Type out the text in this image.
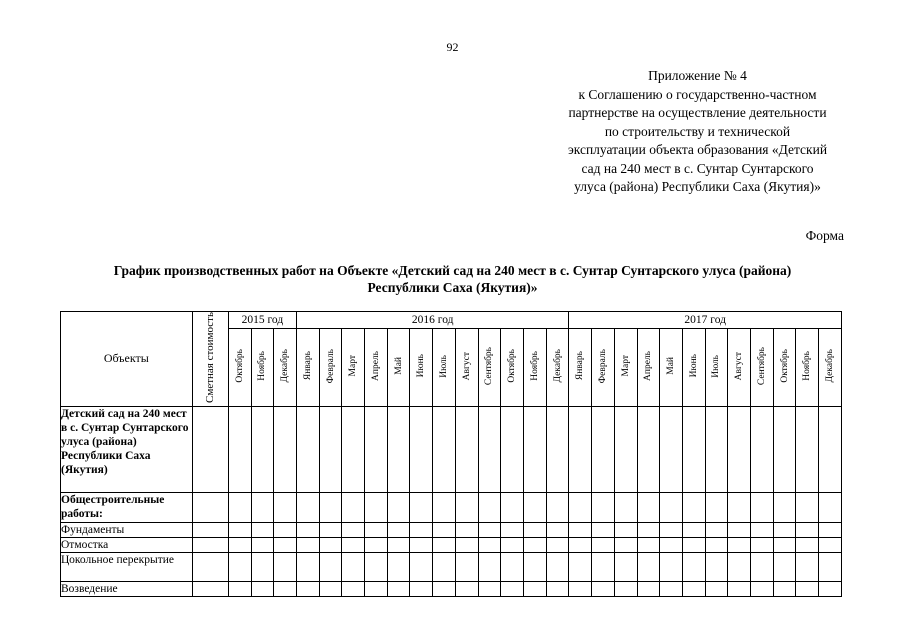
92
Приложение № 4
к Соглашению о государственно-частном
партнерстве на осуществление деятельности
по строительству и технической
эксплуатации объекта образования «Детский
сад на 240 мест в с. Сунтар Сунтарского
улуса (района) Республики Саха (Якутия)»
Форма
График производственных работ на Объекте «Детский сад на 240 мест в с. Сунтар Сунтарского улуса (района)
Республики Саха (Якутия)»
Объекты	Сметная стоимость	2015 год			2016 год												2017 год											
		Октябрь	Ноябрь	Декабрь	Январь	Февраль	Март	Апрель	Май	Июнь	Июль	Август	Сентябрь	Октябрь	Ноябрь	Декабрь	Январь	Февраль	Март	Апрель	Май	Июнь	Июль	Август	Сентябрь	Октябрь	Ноябрь	Декабрь
Детский сад на 240 мест в с. Сунтар Сунтарского улуса (района) Республики Саха (Якутия)																												
Общестроительные работы:																												
Фундаменты																												
Отмостка																												
Цокольное перекрытие																												
Возведение																												
